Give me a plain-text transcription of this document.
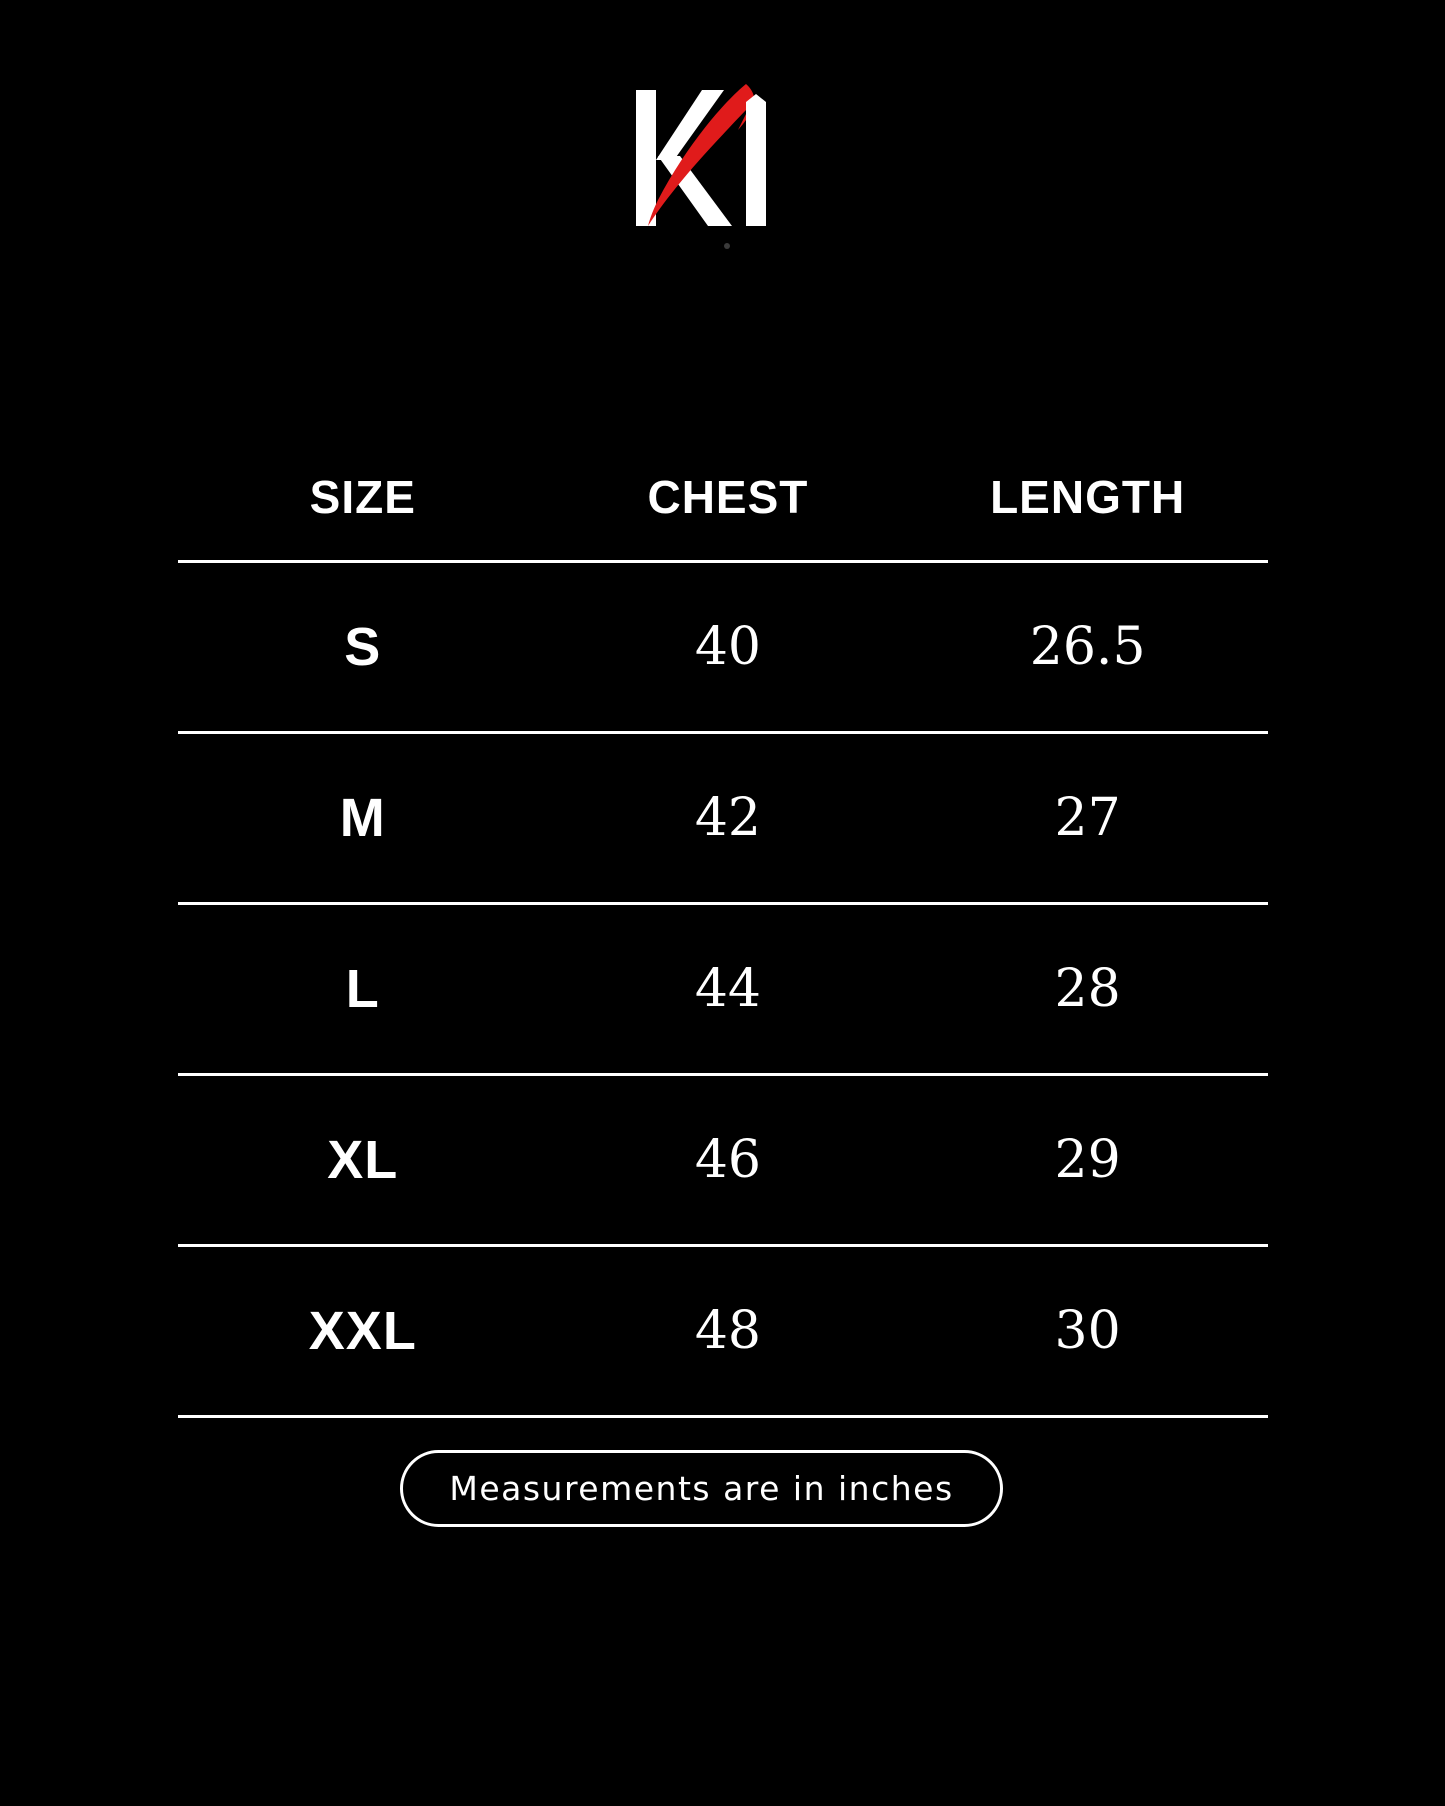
SIZE	CHEST	LENGTH
S	40	26.5
M	42	27
L	44	28
XL	46	29
XXL	48	30
Measurements are in inches
